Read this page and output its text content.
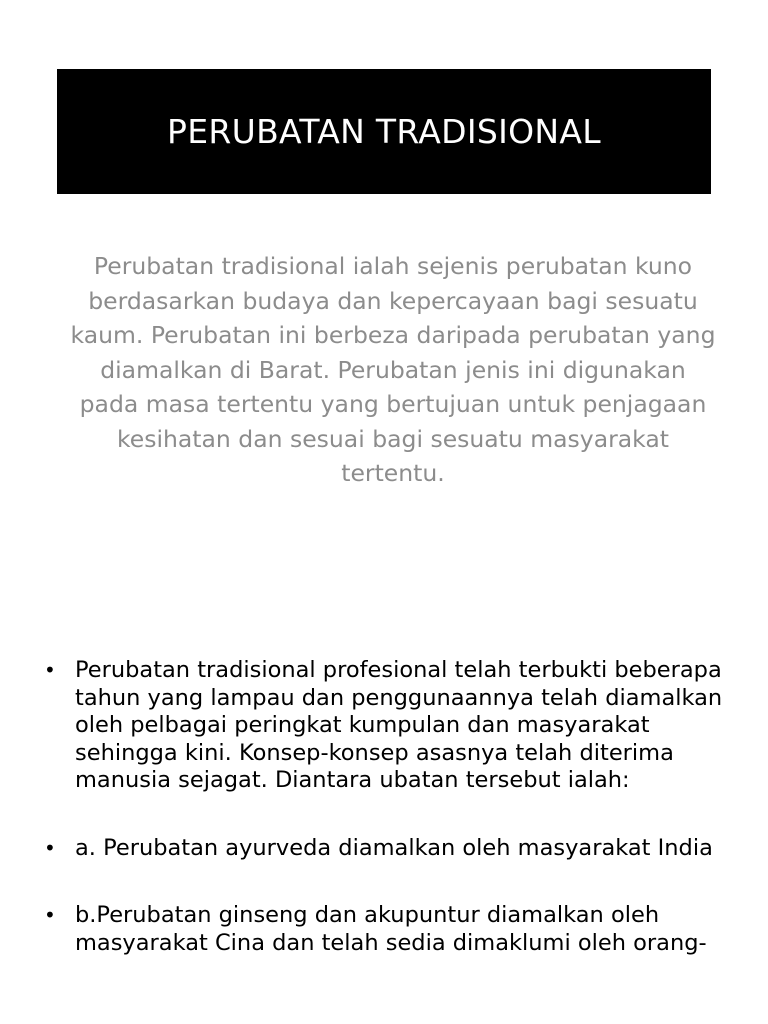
PERUBATAN TRADISIONAL
Perubatan tradisional ialah sejenis perubatan kuno berdasarkan budaya dan kepercayaan bagi sesuatu kaum. Perubatan ini berbeza daripada perubatan yang diamalkan di Barat. Perubatan jenis ini digunakan pada masa tertentu yang bertujuan untuk penjagaan kesihatan dan sesuai bagi sesuatu masyarakat tertentu.
• Perubatan tradisional profesional telah terbukti beberapa tahun yang lampau dan penggunaannya telah diamalkan oleh pelbagai peringkat kumpulan dan masyarakat sehingga kini. Konsep-konsep asasnya telah diterima manusia sejagat. Diantara ubatan tersebut ialah:
• a. Perubatan ayurveda diamalkan oleh masyarakat India
• b.Perubatan ginseng dan akupuntur diamalkan oleh masyarakat Cina dan telah sedia dimaklumi oleh orang-
